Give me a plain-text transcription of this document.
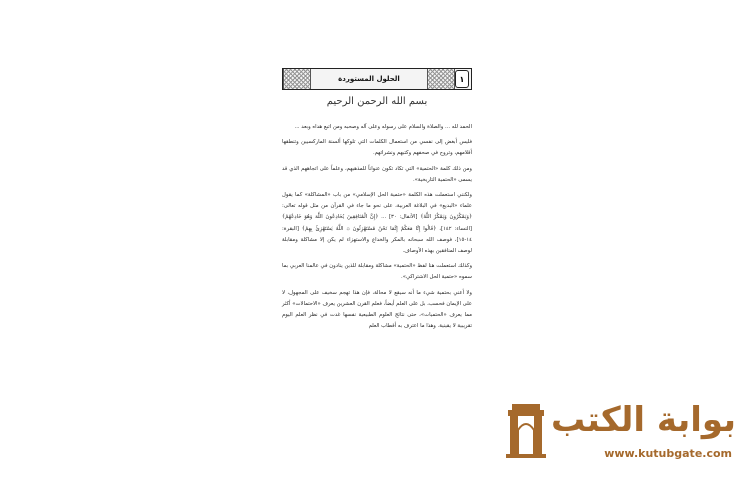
الحلول المستوردة	١
بسم الله الرحمن الرحيم

الحمد لله ... والصلاة والسلام على رسوله وعلى آله وصحبه ومن اتبع هداه وبعد ...

فليس أبغض إلى نفسي من استعمال الكلمات التي تلوكها ألسنة الماركسيين وتنطقها أقلامهم، وتروج في صحفهم وكتبهم ونشراتهم.

ومن ذلك كلمة «الحتمية» التي تكاد تكون عنواناً للمذهبهم، وعلماً على اتجاههم الذي قد يسمى «الحتمية التاريخية».

ولكنني استعملت هذه الكلمة «حتمية الحل الإسلامي» من باب «المشاكلة» كما يقول علماء «البديع» في البلاغة العربية، على نحو ما جاء في القرآن من مثل قوله تعالى: ﴿وَيَمْكُرُونَ وَيَمْكُرُ اللَّهُ﴾ [الأنفال: ٣٠] ... ﴿إِنَّ الْمُنَافِقِينَ يُخَادِعُونَ اللَّهَ وَهُوَ خَادِعُهُمْ﴾ [النساء: ١٤٢]، ﴿قَالُوا إِنَّا مَعَكُمْ إِنَّمَا نَحْنُ مُسْتَهْزِئُونَ ۞ اللَّهُ يَسْتَهْزِئُ بِهِمْ﴾ [البقرة: ١٤-١٥]، فوصف الله سبحانه بالمكر والخداع والاستهزاء لم يكن إلا مشاكلة ومقابلة لوصف المنافقين بهذه الأوصاف.

وكذلك استعملت هنا لفظ «الحتمية» مشاكلة ومقابلة للذين ينادون في عالمنا العربي بما سموه «حتمية الحل الاشتراكي».

ولا أعني بحتمية شيء ما أنه سيقع لا محالة، فإن هذا تهجم سخيف على المجهول، لا على الإيمان فحسب، بل على العلم أيضاً، فعلم القرن العشرين يعرف «الاحتمالات» أكثر مما يعرف «الحتميات»، حتى نتائج العلوم الطبيعية نفسها غدت في نظر العلم اليوم تقريبية لا يقينية. وهذا ما اعترف به أقطاب العلم

بوابة الكتب
www.kutubgate.com
